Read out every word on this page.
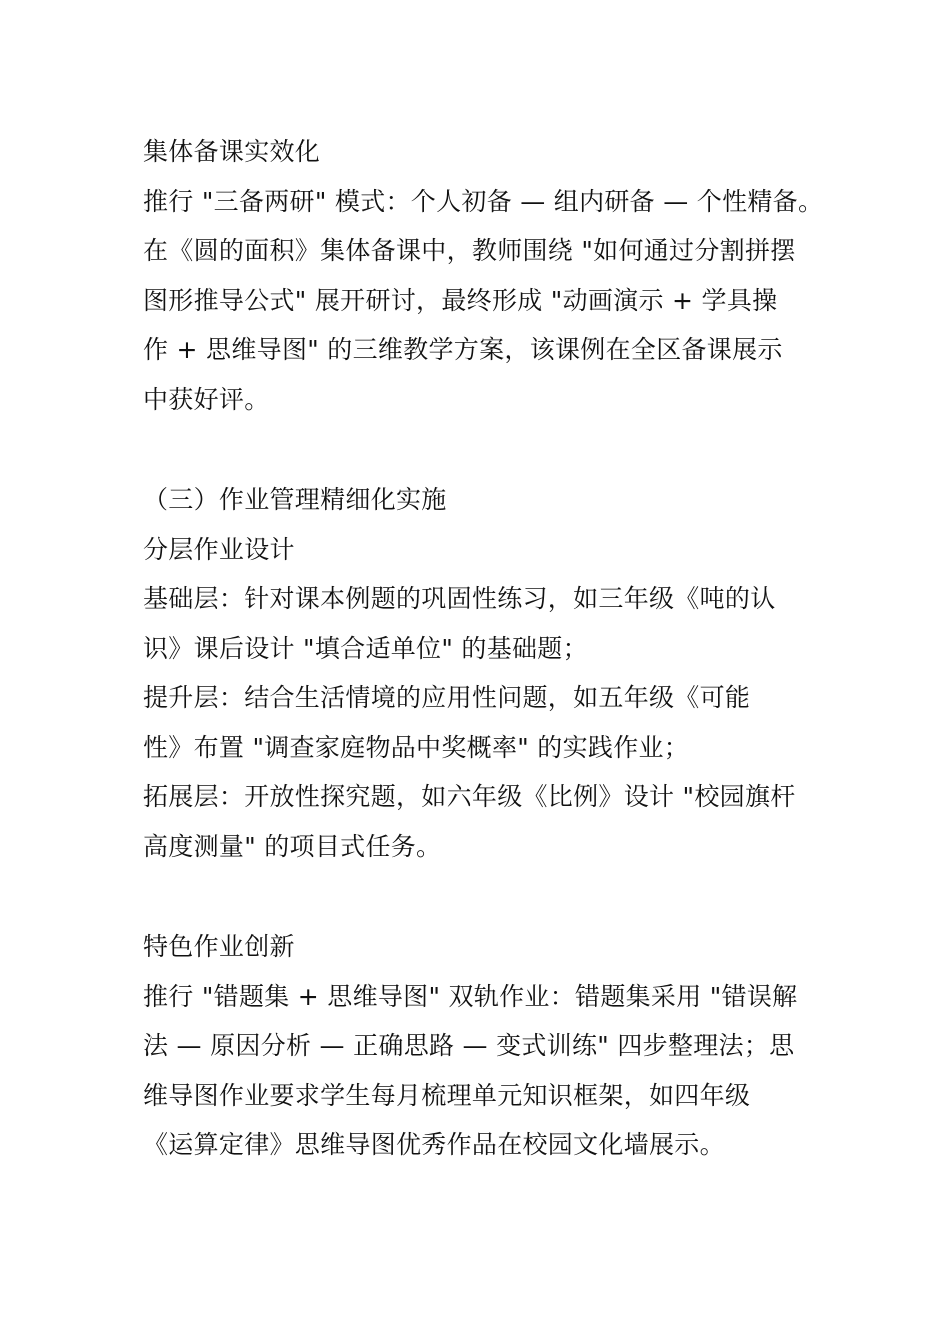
集体备课实效化
推行 "三备两研" 模式：个人初备 — 组内研备 — 个性精备。
在《圆的面积》集体备课中，教师围绕 "如何通过分割拼摆
图形推导公式" 展开研讨，最终形成 "动画演示 + 学具操
作 + 思维导图" 的三维教学方案，该课例在全区备课展示
中获好评。
（三）作业管理精细化实施
分层作业设计
基础层：针对课本例题的巩固性练习，如三年级《吨的认
识》课后设计 "填合适单位" 的基础题；
提升层：结合生活情境的应用性问题，如五年级《可能
性》布置 "调查家庭物品中奖概率" 的实践作业；
拓展层：开放性探究题，如六年级《比例》设计 "校园旗杆
高度测量" 的项目式任务。
特色作业创新
推行 "错题集 + 思维导图" 双轨作业：错题集采用 "错误解
法 — 原因分析 — 正确思路 — 变式训练" 四步整理法；思
维导图作业要求学生每月梳理单元知识框架，如四年级
《运算定律》思维导图优秀作品在校园文化墙展示。
